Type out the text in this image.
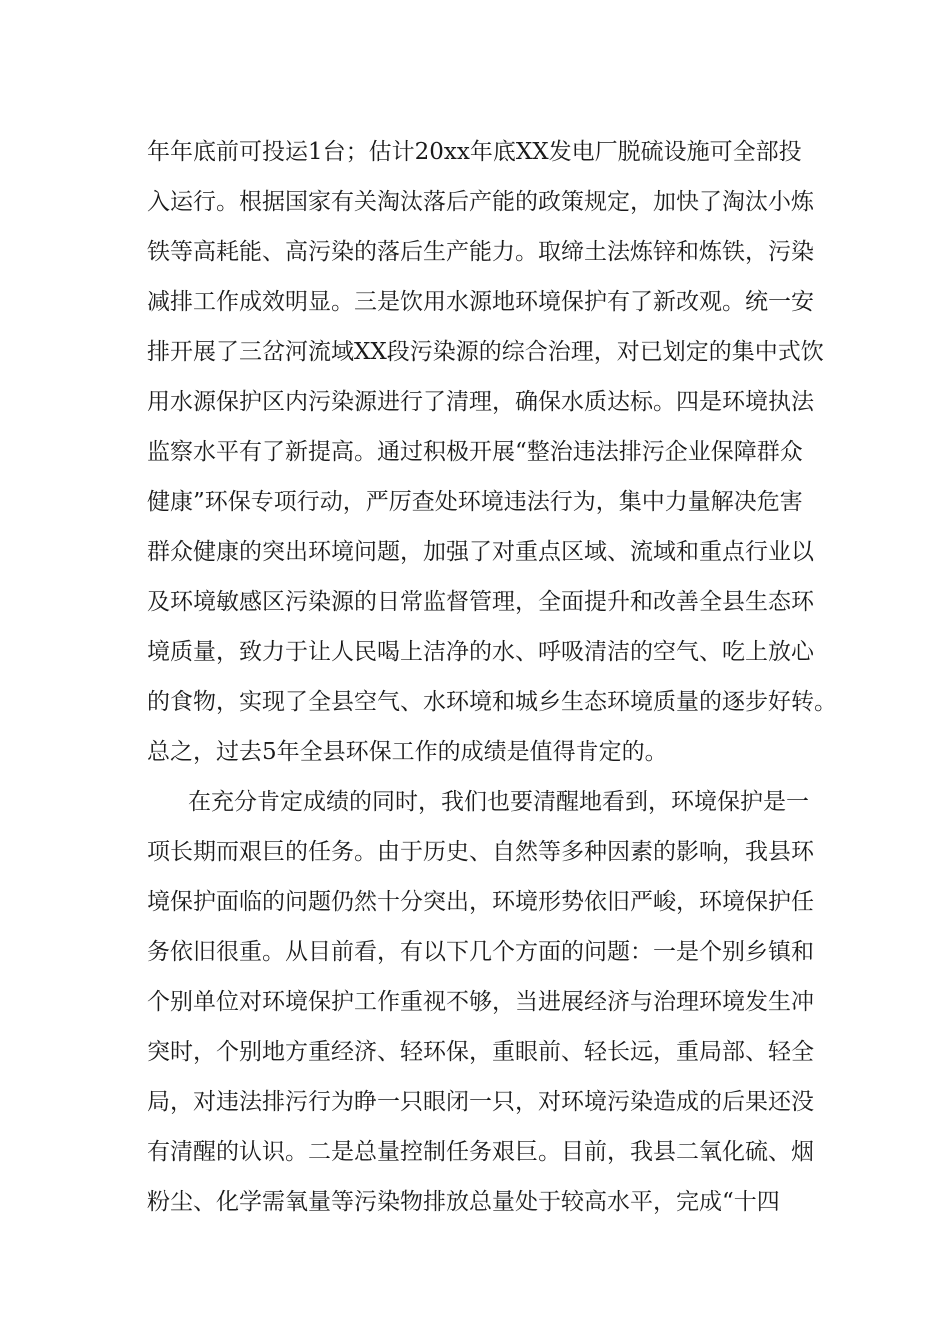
年年底前可投运1台；估计20xx年底XX发电厂脱硫设施可全部投
入运行。根据国家有关淘汰落后产能的政策规定，加快了淘汰小炼
铁等高耗能、高污染的落后生产能力。取缔土法炼锌和炼铁，污染
减排工作成效明显。三是饮用水源地环境保护有了新改观。统一安
排开展了三岔河流域XX段污染源的综合治理，对已划定的集中式饮
用水源保护区内污染源进行了清理，确保水质达标。四是环境执法
监察水平有了新提高。通过积极开展“整治违法排污企业保障群众
健康”环保专项行动，严厉查处环境违法行为，集中力量解决危害
群众健康的突出环境问题，加强了对重点区域、流域和重点行业以
及环境敏感区污染源的日常监督管理，全面提升和改善全县生态环
境质量，致力于让人民喝上洁净的水、呼吸清洁的空气、吃上放心
的食物，实现了全县空气、水环境和城乡生态环境质量的逐步好转。
总之，过去5年全县环保工作的成绩是值得肯定的。
在充分肯定成绩的同时，我们也要清醒地看到，环境保护是一
项长期而艰巨的任务。由于历史、自然等多种因素的影响，我县环
境保护面临的问题仍然十分突出，环境形势依旧严峻，环境保护任
务依旧很重。从目前看，有以下几个方面的问题：一是个别乡镇和
个别单位对环境保护工作重视不够，当进展经济与治理环境发生冲
突时，个别地方重经济、轻环保，重眼前、轻长远，重局部、轻全
局，对违法排污行为睁一只眼闭一只，对环境污染造成的后果还没
有清醒的认识。二是总量控制任务艰巨。目前，我县二氧化硫、烟
粉尘、化学需氧量等污染物排放总量处于较高水平，完成“十四
